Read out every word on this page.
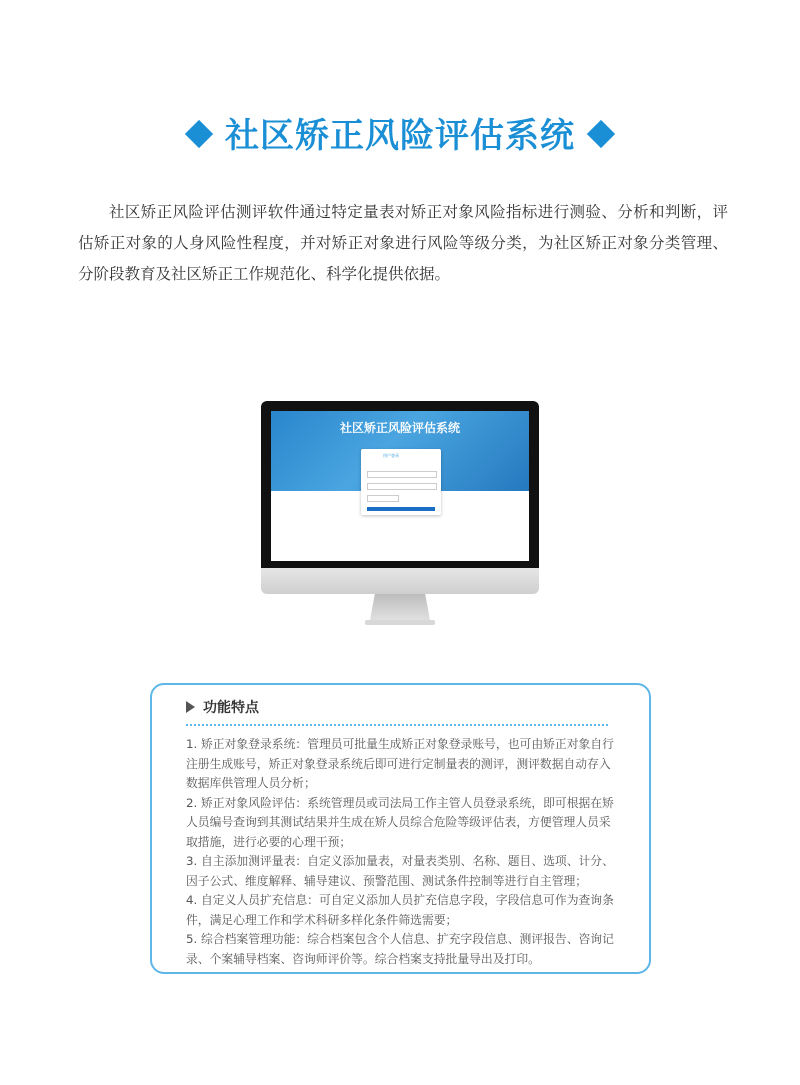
社区矫正风险评估系统
社区矫正风险评估测评软件通过特定量表对矫正对象风险指标进行测验、分析和判断，评估矫正对象的人身风险性程度，并对矫正对象进行风险等级分类，为社区矫正对象分类管理、分阶段教育及社区矫正工作规范化、科学化提供依据。
社区矫正风险评估系统
用户登录
功能特点

1. 矫正对象登录系统：管理员可批量生成矫正对象登录账号，也可由矫正对象自行注册生成账号，矫正对象登录系统后即可进行定制量表的测评，测评数据自动存入数据库供管理人员分析；

2. 矫正对象风险评估：系统管理员或司法局工作主管人员登录系统，即可根据在矫人员编号查询到其测试结果并生成在矫人员综合危险等级评估表，方便管理人员采取措施，进行必要的心理干预；

3. 自主添加测评量表：自定义添加量表，对量表类别、名称、题目、选项、计分、因子公式、维度解释、辅导建议、预警范围、测试条件控制等进行自主管理；

4. 自定义人员扩充信息：可自定义添加人员扩充信息字段，字段信息可作为查询条件，满足心理工作和学术科研多样化条件筛选需要；

5. 综合档案管理功能：综合档案包含个人信息、扩充字段信息、测评报告、咨询记录、个案辅导档案、咨询师评价等。综合档案支持批量导出及打印。
